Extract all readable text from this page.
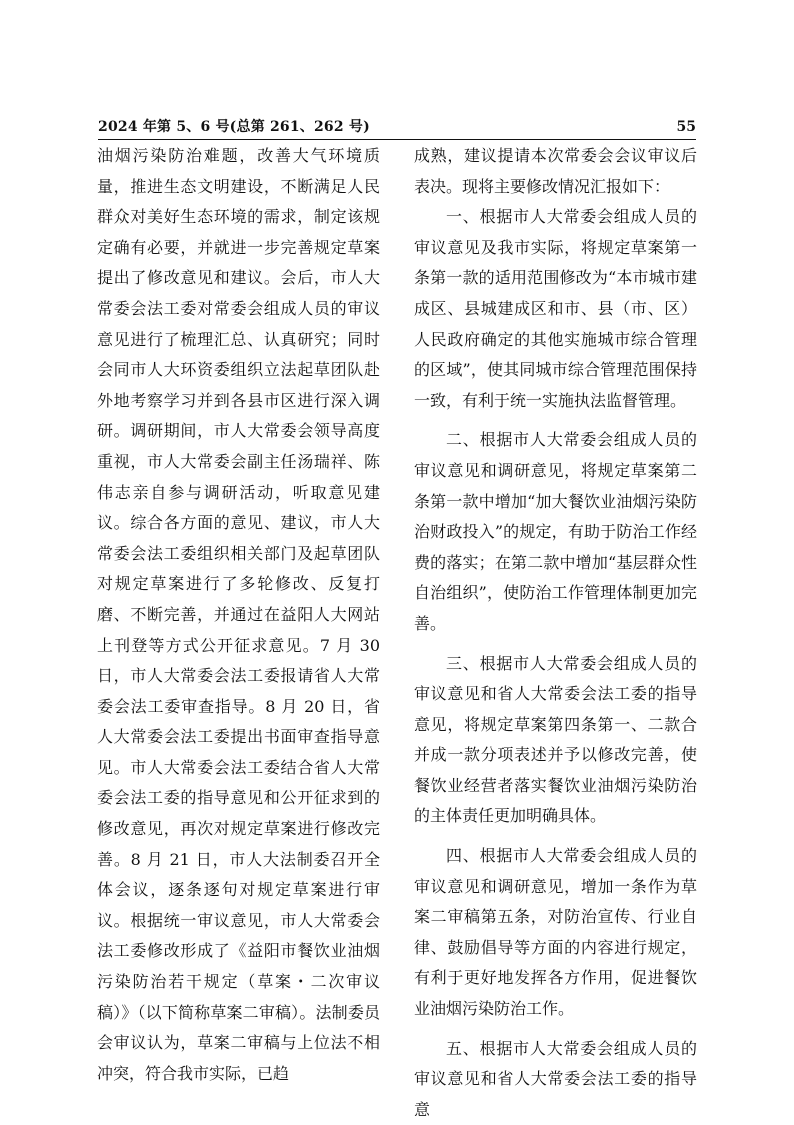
2024 年第 5、6 号(总第 261、262 号)	55

油烟污染防治难题，改善大气环境质量，推进生态文明建设，不断满足人民群众对美好生态环境的需求，制定该规定确有必要，并就进一步完善规定草案提出了修改意见和建议。会后，市人大常委会法工委对常委会组成人员的审议意见进行了梳理汇总、认真研究；同时会同市人大环资委组织立法起草团队赴外地考察学习并到各县市区进行深入调研。调研期间，市人大常委会领导高度重视，市人大常委会副主任汤瑞祥、陈伟志亲自参与调研活动，听取意见建议。综合各方面的意见、建议，市人大常委会法工委组织相关部门及起草团队对规定草案进行了多轮修改、反复打磨、不断完善，并通过在益阳人大网站上刊登等方式公开征求意见。7 月 30 日，市人大常委会法工委报请省人大常委会法工委审查指导。8 月 20 日，省人大常委会法工委提出书面审查指导意见。市人大常委会法工委结合省人大常委会法工委的指导意见和公开征求到的修改意见，再次对规定草案进行修改完善。8 月 21 日，市人大法制委召开全体会议，逐条逐句对规定草案进行审议。根据统一审议意见，市人大常委会法工委修改形成了《益阳市餐饮业油烟污染防治若干规定（草案・二次审议稿）》（以下简称草案二审稿）。法制委员会审议认为，草案二审稿与上位法不相冲突，符合我市实际，已趋

成熟，建议提请本次常委会会议审议后表决。现将主要修改情况汇报如下：

一、根据市人大常委会组成人员的审议意见及我市实际，将规定草案第一条第一款的适用范围修改为“本市城市建成区、县城建成区和市、县（市、区）人民政府确定的其他实施城市综合管理的区域”，使其同城市综合管理范围保持一致，有利于统一实施执法监督管理。

二、根据市人大常委会组成人员的审议意见和调研意见，将规定草案第二条第一款中增加“加大餐饮业油烟污染防治财政投入”的规定，有助于防治工作经费的落实；在第二款中增加“基层群众性自治组织”，使防治工作管理体制更加完善。

三、根据市人大常委会组成人员的审议意见和省人大常委会法工委的指导意见，将规定草案第四条第一、二款合并成一款分项表述并予以修改完善，使餐饮业经营者落实餐饮业油烟污染防治的主体责任更加明确具体。

四、根据市人大常委会组成人员的审议意见和调研意见，增加一条作为草案二审稿第五条，对防治宣传、行业自律、鼓励倡导等方面的内容进行规定，有利于更好地发挥各方作用，促进餐饮业油烟污染防治工作。

五、根据市人大常委会组成人员的审议意见和省人大常委会法工委的指导意
